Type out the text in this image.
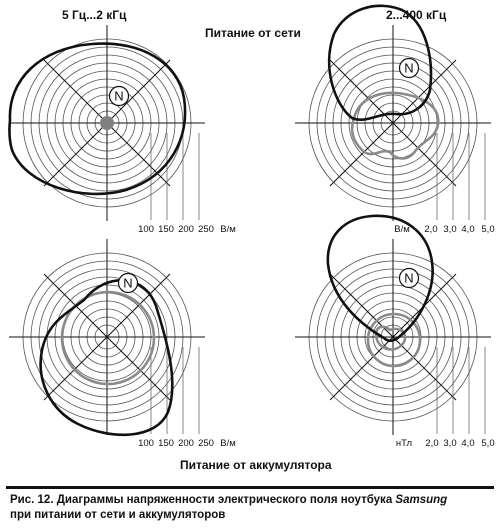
N
N
N	N
100 150 200 250 В/м	В/м 2,0 3,0 4,0 5,0
100 150 200 250 В/м	нТл 2,0 3,0 4,0 5,0
5 Гц...2 кГц	2...400 кГц
Питание от сети
Питание от аккумулятора
Рис. 12. Диаграммы напряженности электрического поля ноутбука Samsung
при питании от сети и аккумуляторов
